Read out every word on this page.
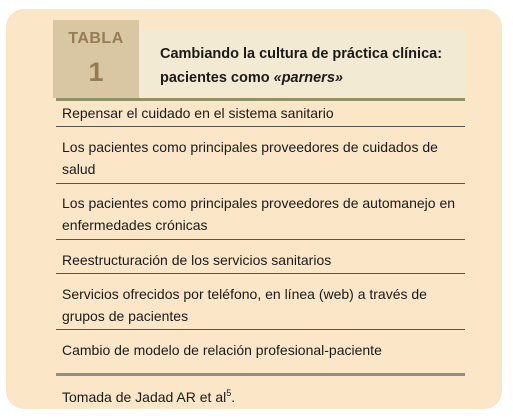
TABLA
1
Cambiando la cultura de práctica clínica:
pacientes como «parners»
Repensar el cuidado en el sistema sanitario
Los pacientes como principales proveedores de cuidados de salud
Los pacientes como principales proveedores de automanejo en enfermedades crónicas
Reestructuración de los servicios sanitarios
Servicios ofrecidos por teléfono, en línea (web) a través de grupos de pacientes
Cambio de modelo de relación profesional-paciente
Tomada de Jadad AR et $al^5$.
